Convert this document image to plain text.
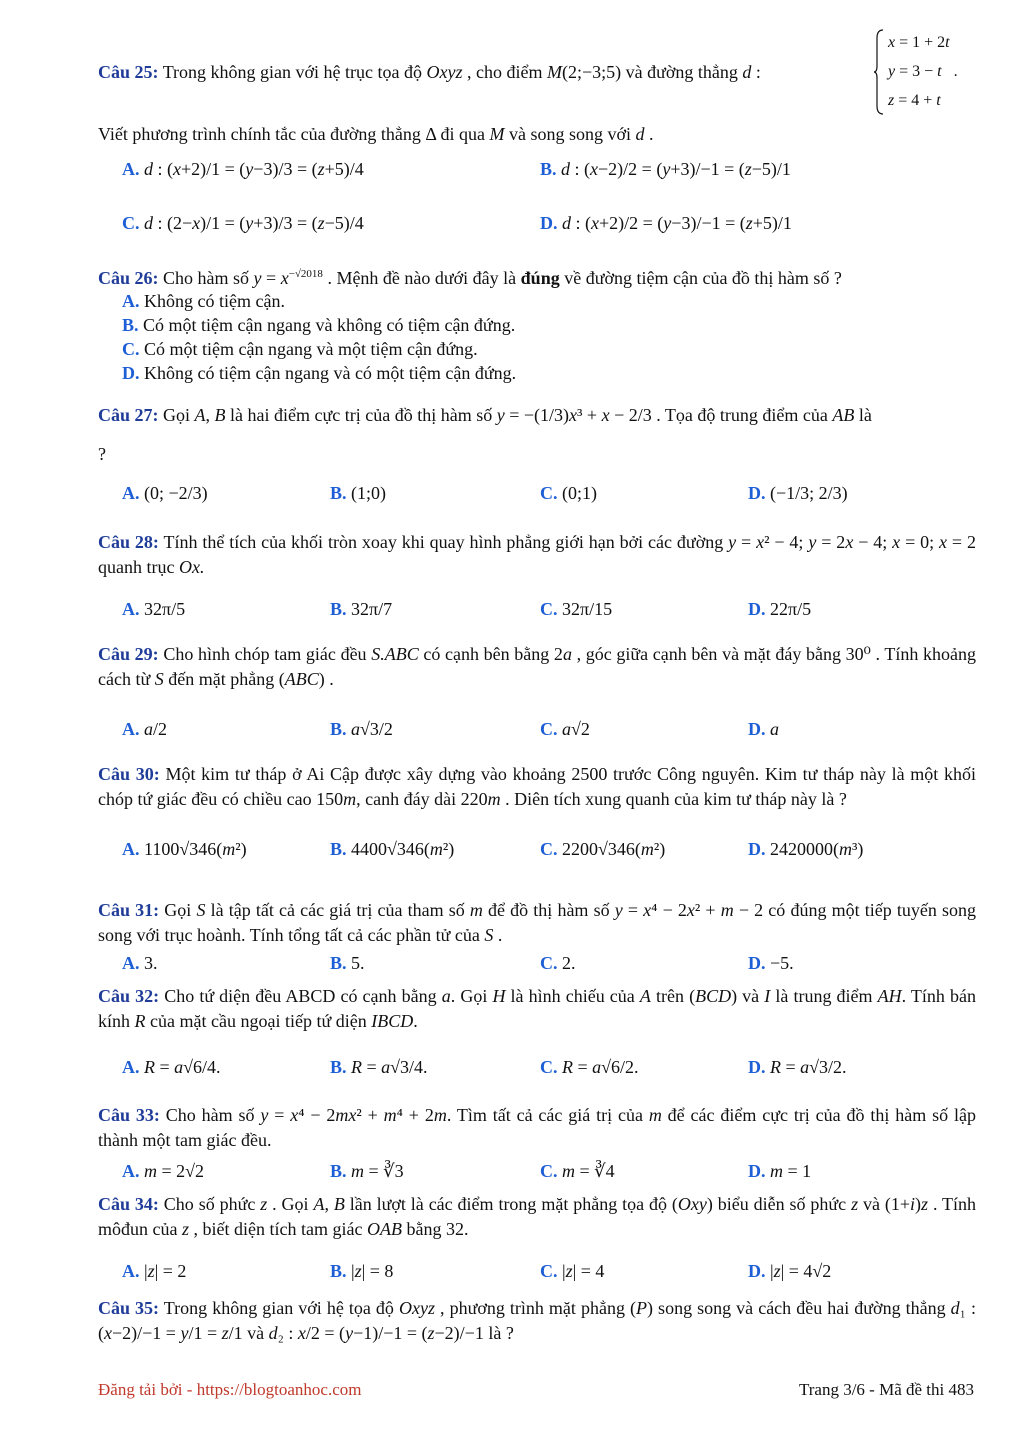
Câu 25: Trong không gian với hệ trục tọa độ Oxyz , cho điểm M(2;−3;5) và đường thẳng d :
x = 1 + 2t
y = 3 − t   .
z = 4 + t
Viết phương trình chính tắc của đường thẳng Δ đi qua M và song song với d .
A. d : (x+2)/1 = (y−3)/3 = (z+5)/4	B. d : (x−2)/2 = (y+3)/−1 = (z−5)/1
C. d : (2−x)/1 = (y+3)/3 = (z−5)/4	D. d : (x+2)/2 = (y−3)/−1 = (z+5)/1
Câu 26: Cho hàm số $y = x^{-√2018}$ . Mệnh đề nào dưới đây là đúng về đường tiệm cận của đồ thị hàm số ?
A. Không có tiệm cận.
B. Có một tiệm cận ngang và không có tiệm cận đứng.
C. Có một tiệm cận ngang và một tiệm cận đứng.
D. Không có tiệm cận ngang và có một tiệm cận đứng.
Câu 27: Gọi A, B là hai điểm cực trị của đồ thị hàm số y = −(1/3)x³ + x − 2/3 . Tọa độ trung điểm của AB là
?
A. (0; −2/3)	B. (1;0)	C. (0;1)	D. (−1/3; 2/3)
Câu 28: Tính thể tích của khối tròn xoay khi quay hình phẳng giới hạn bởi các đường y = x² − 4; y = 2x − 4; x = 0; x = 2 quanh trục Ox.
A. 32π/5	B. 32π/7	C. 32π/15	D. 22π/5
Câu 29: Cho hình chóp tam giác đều S.ABC có cạnh bên bằng 2a , góc giữa cạnh bên và mặt đáy bằng 30⁰ . Tính khoảng cách từ S đến mặt phẳng (ABC) .
A. a/2	B. a√3/2	C. a√2	D. a
Câu 30: Một kim tư tháp ở Ai Cập được xây dựng vào khoảng 2500 trước Công nguyên. Kim tư tháp này là một khối chóp tứ giác đều có chiều cao 150m, canh đáy dài 220m . Diên tích xung quanh của kim tư tháp này là ?
A. 1100√346(m²)	B. 4400√346(m²)	C. 2200√346(m²)	D. 2420000(m³)
Câu 31: Gọi S là tập tất cả các giá trị của tham số m để đồ thị hàm số y = x⁴ − 2x² + m − 2 có đúng một tiếp tuyến song song với trục hoành. Tính tổng tất cả các phần tử của S .
A. 3.	B. 5.	C. 2.	D. −5.
Câu 32: Cho tứ diện đều ABCD có cạnh bằng a. Gọi H là hình chiếu của A trên (BCD) và I là trung điểm AH. Tính bán kính R của mặt cầu ngoại tiếp tứ diện IBCD.
A. R = a√6/4.	B. R = a√3/4.	C. R = a√6/2.	D. R = a√3/2.
Câu 33: Cho hàm số y = x⁴ − 2mx² + m⁴ + 2m. Tìm tất cả các giá trị của m để các điểm cực trị của đồ thị hàm số lập thành một tam giác đều.
A. m = 2√2	B. m = ∛3	C. m = ∛4	D. m = 1
Câu 34: Cho số phức z . Gọi A, B lần lượt là các điểm trong mặt phẳng tọa độ (Oxy) biểu diễn số phức z và (1+i)z . Tính môđun của z , biết diện tích tam giác OAB bằng 32.
A. |z| = 2	B. |z| = 8	C. |z| = 4	D. |z| = 4√2
Câu 35: Trong không gian với hệ tọa độ Oxyz , phương trình mặt phẳng (P) song song và cách đều hai đường thẳng d₁ : (x−2)/−1 = y/1 = z/1 và d₂ : x/2 = (y−1)/−1 = (z−2)/−1 là ?
Đăng tải bởi - https://blogtoanhoc.com	Trang 3/6 - Mã đề thi 483
